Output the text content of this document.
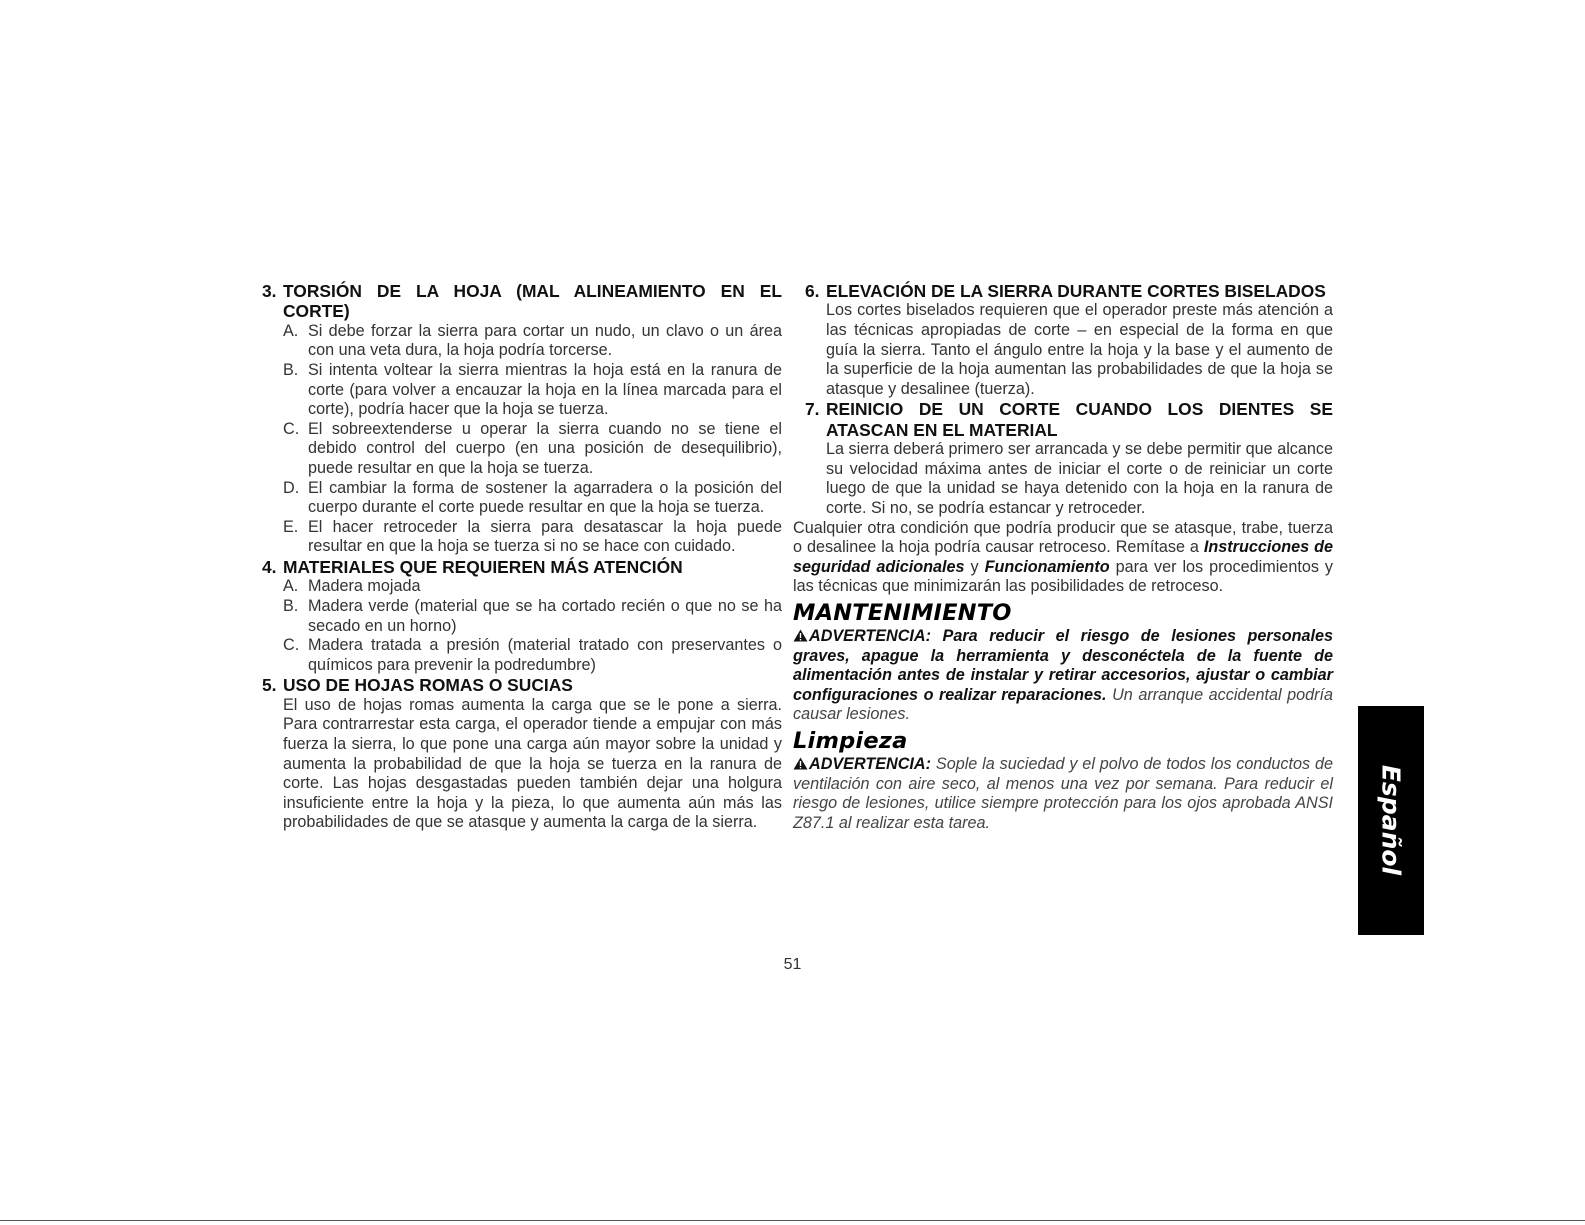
3. TORSIÓN DE LA HOJA (MAL ALINEAMIENTO EN EL CORTE)
A. Si debe forzar la sierra para cortar un nudo, un clavo o un área con una veta dura, la hoja podría torcerse.
B. Si intenta voltear la sierra mientras la hoja está en la ranura de corte (para volver a encauzar la hoja en la línea marcada para el corte), podría hacer que la hoja se tuerza.
C. El sobreextenderse u operar la sierra cuando no se tiene el debido control del cuerpo (en una posición de desequilibrio), puede resultar en que la hoja se tuerza.
D. El cambiar la forma de sostener la agarradera o la posición del cuerpo durante el corte puede resultar en que la hoja se tuerza.
E. El hacer retroceder la sierra para desatascar la hoja puede resultar en que la hoja se tuerza si no se hace con cuidado.
4. MATERIALES QUE REQUIEREN MÁS ATENCIÓN
A. Madera mojada
B. Madera verde (material que se ha cortado recién o que no se ha secado en un horno)
C. Madera tratada a presión (material tratado con preservantes o químicos para prevenir la podredumbre)
5. USO DE HOJAS ROMAS O SUCIAS
El uso de hojas romas aumenta la carga que se le pone a sierra. Para contrarrestar esta carga, el operador tiende a empujar con más fuerza la sierra, lo que pone una carga aún mayor sobre la unidad y aumenta la probabilidad de que la hoja se tuerza en la ranura de corte. Las hojas desgastadas pueden también dejar una holgura insuficiente entre la hoja y la pieza, lo que aumenta aún más las probabilidades de que se atasque y aumenta la carga de la sierra.
6. ELEVACIÓN DE LA SIERRA DURANTE CORTES BISELADOS
Los cortes biselados requieren que el operador preste más atención a las técnicas apropiadas de corte – en especial de la forma en que guía la sierra. Tanto el ángulo entre la hoja y la base y el aumento de la superficie de la hoja aumentan las probabilidades de que la hoja se atasque y desalinee (tuerza).
7. REINICIO DE UN CORTE CUANDO LOS DIENTES SE ATASCAN EN EL MATERIAL
La sierra deberá primero ser arrancada y se debe permitir que alcance su velocidad máxima antes de iniciar el corte o de reiniciar un corte luego de que la unidad se haya detenido con la hoja en la ranura de corte. Si no, se podría estancar y retroceder.
Cualquier otra condición que podría producir que se atasque, trabe, tuerza o desalinee la hoja podría causar retroceso. Remítase a Instrucciones de seguridad adicionales y Funcionamiento para ver los procedimientos y las técnicas que minimizarán las posibilidades de retroceso.
MANTENIMIENTO
ADVERTENCIA: Para reducir el riesgo de lesiones personales graves, apague la herramienta y desconéctela de la fuente de alimentación antes de instalar y retirar accesorios, ajustar o cambiar configuraciones o realizar reparaciones. Un arranque accidental podría causar lesiones.
Limpieza
ADVERTENCIA: Sople la suciedad y el polvo de todos los conductos de ventilación con aire seco, al menos una vez por semana. Para reducir el riesgo de lesiones, utilice siempre protección para los ojos aprobada ANSI Z87.1 al realizar esta tarea.	Español
51
